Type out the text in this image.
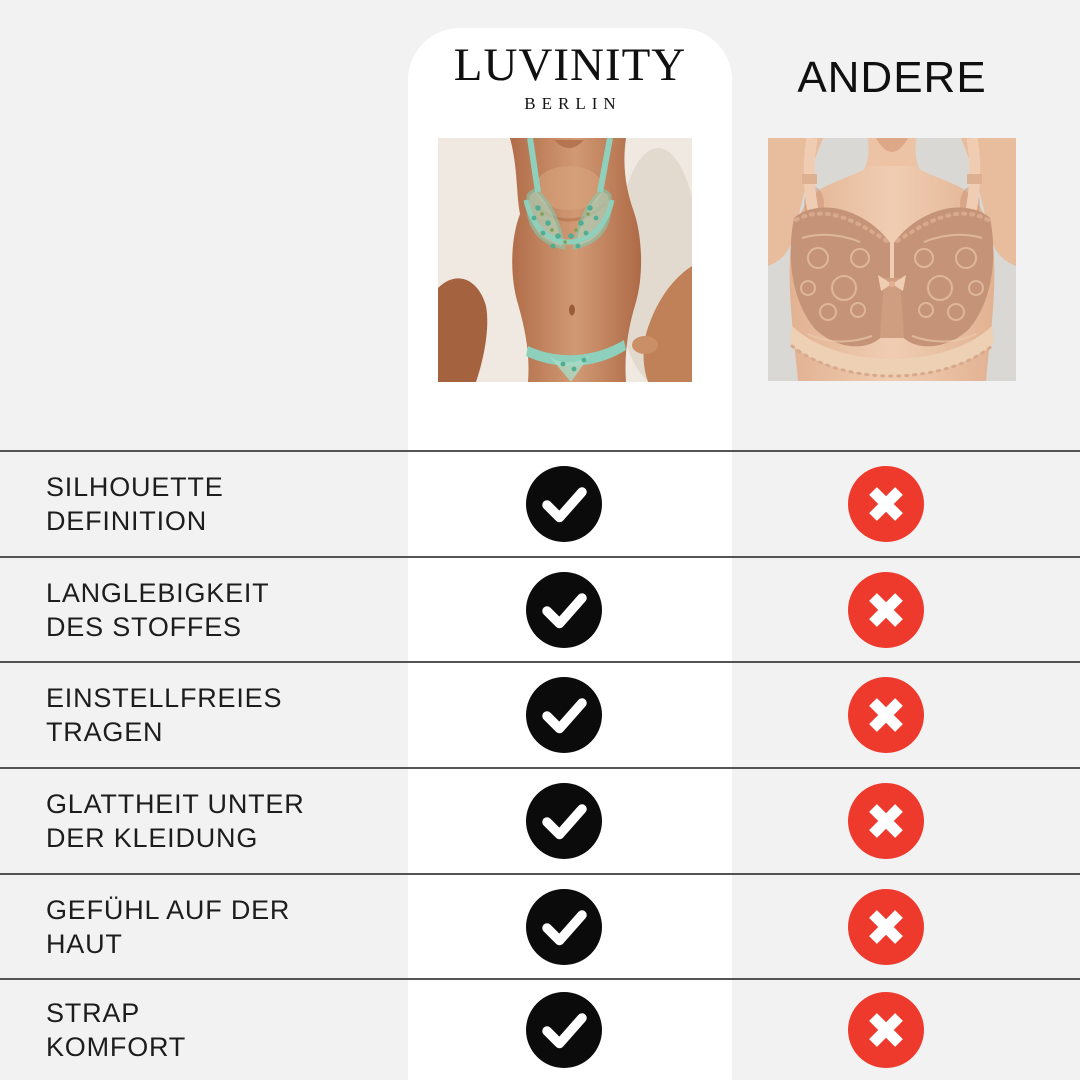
LUVINITY
BERLIN
ANDERE
SILHOUETTE
DEFINITION
LANGLEBIGKEIT
DES STOFFES
EINSTELLFREIES
TRAGEN
GLATTHEIT UNTER
DER KLEIDUNG
GEFÜHL AUF DER
HAUT
STRAP
KOMFORT
